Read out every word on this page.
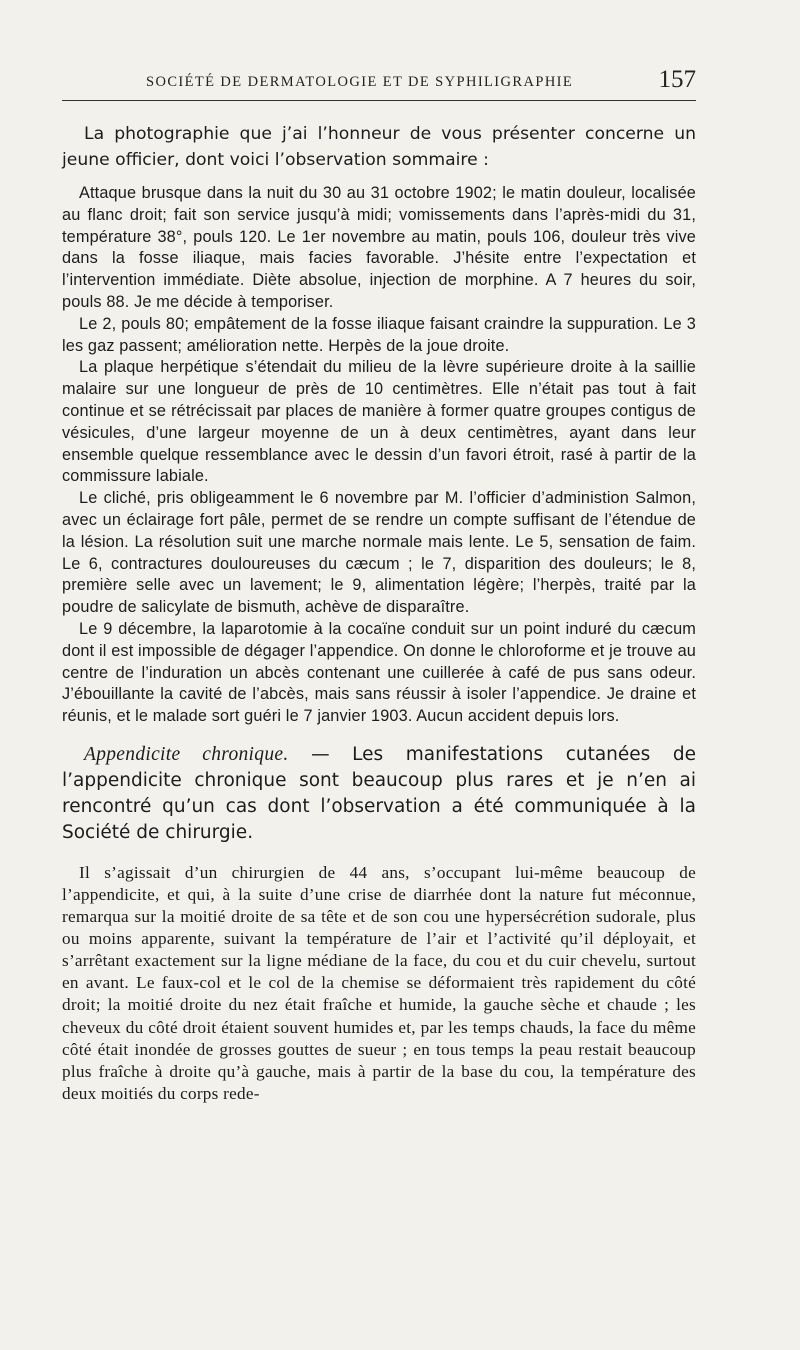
SOCIÉTÉ DE DERMATOLOGIE ET DE SYPHILIGRAPHIE	157

La photographie que j’ai l’honneur de vous présenter concerne un jeune officier, dont voici l’observation sommaire :

Attaque brusque dans la nuit du 30 au 31 octobre 1902; le matin douleur, localisée au flanc droit; fait son service jusqu’à midi; vomissements dans l’après-midi du 31, température 38°, pouls 120. Le 1er novembre au matin, pouls 106, douleur très vive dans la fosse iliaque, mais facies favorable. J’hésite entre l’expectation et l’intervention immédiate. Diète absolue, injection de morphine. A 7 heures du soir, pouls 88. Je me décide à temporiser.

Le 2, pouls 80; empâtement de la fosse iliaque faisant craindre la suppuration. Le 3 les gaz passent; amélioration nette. Herpès de la joue droite.

La plaque herpétique s’étendait du milieu de la lèvre supérieure droite à la saillie malaire sur une longueur de près de 10 centimètres. Elle n’était pas tout à fait continue et se rétrécissait par places de manière à former quatre groupes contigus de vésicules, d’une largeur moyenne de un à deux centimètres, ayant dans leur ensemble quelque ressemblance avec le dessin d’un favori étroit, rasé à partir de la commissure labiale.

Le cliché, pris obligeamment le 6 novembre par M. l’officier d’administion Salmon, avec un éclairage fort pâle, permet de se rendre un compte suffisant de l’étendue de la lésion. La résolution suit une marche normale mais lente. Le 5, sensation de faim. Le 6, contractures douloureuses du cæcum ; le 7, disparition des douleurs; le 8, première selle avec un lavement; le 9, alimentation légère; l’herpès, traité par la poudre de salicylate de bismuth, achève de disparaître.

Le 9 décembre, la laparotomie à la cocaïne conduit sur un point induré du cæcum dont il est impossible de dégager l’appendice. On donne le chloroforme et je trouve au centre de l’induration un abcès contenant une cuillerée à café de pus sans odeur. J’ébouillante la cavité de l’abcès, mais sans réussir à isoler l’appendice. Je draine et réunis, et le malade sort guéri le 7 janvier 1903. Aucun accident depuis lors.

Appendicite chronique. — Les manifestations cutanées de l’appendicite chronique sont beaucoup plus rares et je n’en ai rencontré qu’un cas dont l’observation a été communiquée à la Société de chirurgie.

Il s’agissait d’un chirurgien de 44 ans, s’occupant lui-même beaucoup de l’appendicite, et qui, à la suite d’une crise de diarrhée dont la nature fut méconnue, remarqua sur la moitié droite de sa tête et de son cou une hypersécrétion sudorale, plus ou moins apparente, suivant la température de l’air et l’activité qu’il déployait, et s’arrêtant exactement sur la ligne médiane de la face, du cou et du cuir chevelu, surtout en avant. Le faux-col et le col de la chemise se déformaient très rapidement du côté droit; la moitié droite du nez était fraîche et humide, la gauche sèche et chaude ; les cheveux du côté droit étaient souvent humides et, par les temps chauds, la face du même côté était inondée de grosses gouttes de sueur ; en tous temps la peau restait beaucoup plus fraîche à droite qu’à gauche, mais à partir de la base du cou, la température des deux moitiés du corps rede-
